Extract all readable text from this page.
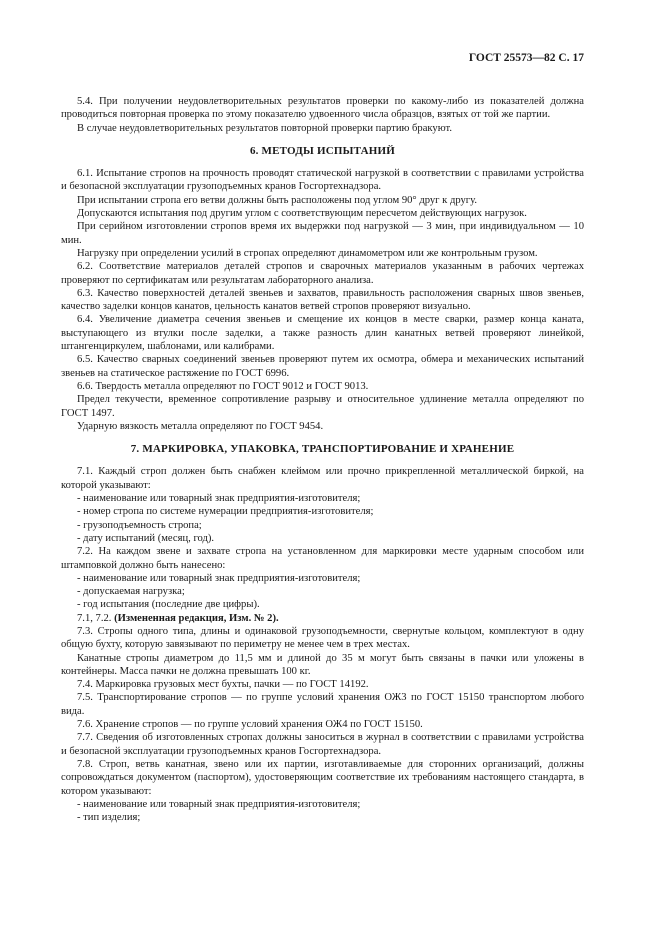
ГОСТ 25573—82 С. 17

5.4. При получении неудовлетворительных результатов проверки по какому-либо из показателей должна проводиться повторная проверка по этому показателю удвоенного числа образцов, взятых от той же партии.

В случае неудовлетворительных результатов повторной проверки партию бракуют.

6. МЕТОДЫ ИСПЫТАНИЙ

6.1. Испытание стропов на прочность проводят статической нагрузкой в соответствии с правилами устройства и безопасной эксплуатации грузоподъемных кранов Госгортехнадзора.

При испытании стропа его ветви должны быть расположены под углом 90° друг к другу.

Допускаются испытания под другим углом с соответствующим пересчетом действующих нагрузок.

При серийном изготовлении стропов время их выдержки под нагрузкой — 3 мин, при индивидуальном — 10 мин.

Нагрузку при определении усилий в стропах определяют динамометром или же контрольным грузом.

6.2. Соответствие материалов деталей стропов и сварочных материалов указанным в рабочих чертежах проверяют по сертификатам или результатам лабораторного анализа.

6.3. Качество поверхностей деталей звеньев и захватов, правильность расположения сварных швов звеньев, качество заделки концов канатов, цельность канатов ветвей стропов проверяют визуально.

6.4. Увеличение диаметра сечения звеньев и смещение их концов в месте сварки, размер конца каната, выступающего из втулки после заделки, а также разность длин канатных ветвей проверяют линейкой, штангенциркулем, шаблонами, или калибрами.

6.5. Качество сварных соединений звеньев проверяют путем их осмотра, обмера и механических испытаний звеньев на статическое растяжение по ГОСТ 6996.

6.6. Твердость металла определяют по ГОСТ 9012 и ГОСТ 9013.

Предел текучести, временное сопротивление разрыву и относительное удлинение металла определяют по ГОСТ 1497.

Ударную вязкость металла определяют по ГОСТ 9454.

7. МАРКИРОВКА, УПАКОВКА, ТРАНСПОРТИРОВАНИЕ И ХРАНЕНИЕ

7.1. Каждый строп должен быть снабжен клеймом или прочно прикрепленной металлической биркой, на которой указывают:

- наименование или товарный знак предприятия-изготовителя;

- номер стропа по системе нумерации предприятия-изготовителя;

- грузоподъемность стропа;

- дату испытаний (месяц, год).

7.2. На каждом звене и захвате стропа на установленном для маркировки месте ударным способом или штамповкой должно быть нанесено:

- наименование или товарный знак предприятия-изготовителя;

- допускаемая нагрузка;

- год испытания (последние две цифры).

7.1, 7.2. (Измененная редакция, Изм. № 2).

7.3. Стропы одного типа, длины и одинаковой грузоподъемности, свернутые кольцом, комплектуют в одну общую бухту, которую завязывают по периметру не менее чем в трех местах.

Канатные стропы диаметром до 11,5 мм и длиной до 35 м могут быть связаны в пачки или уложены в контейнеры. Масса пачки не должна превышать 100 кг.

7.4. Маркировка грузовых мест бухты, пачки — по ГОСТ 14192.

7.5. Транспортирование стропов — по группе условий хранения ОЖ3 по ГОСТ 15150 транспортом любого вида.

7.6. Хранение стропов — по группе условий хранения ОЖ4 по ГОСТ 15150.

7.7. Сведения об изготовленных стропах должны заноситься в журнал в соответствии с правилами устройства и безопасной эксплуатации грузоподъемных кранов Госгортехнадзора.

7.8. Строп, ветвь канатная, звено или их партии, изготавливаемые для сторонних организаций, должны сопровождаться документом (паспортом), удостоверяющим соответствие их требованиям настоящего стандарта, в котором указывают:

- наименование или товарный знак предприятия-изготовителя;

- тип изделия;
